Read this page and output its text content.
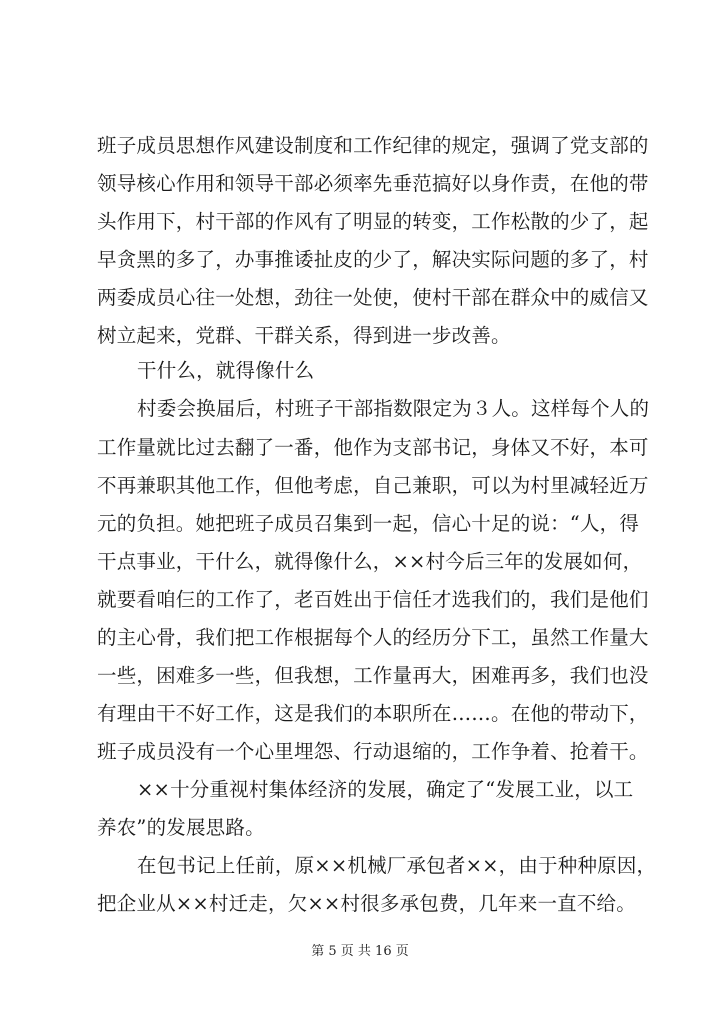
班子成员思想作风建设制度和工作纪律的规定，强调了党支部的
领导核心作用和领导干部必须率先垂范搞好以身作责，在他的带
头作用下，村干部的作风有了明显的转变，工作松散的少了，起
早贪黑的多了，办事推诿扯皮的少了，解决实际问题的多了，村
两委成员心往一处想，劲往一处使，使村干部在群众中的威信又
树立起来，党群、干群关系，得到进一步改善。
干什么，就得像什么
村委会换届后，村班子干部指数限定为３人。这样每个人的
工作量就比过去翻了一番，他作为支部书记，身体又不好，本可
不再兼职其他工作，但他考虑，自己兼职，可以为村里减轻近万
元的负担。她把班子成员召集到一起，信心十足的说：“人，得
干点事业，干什么，就得像什么，××村今后三年的发展如何，
就要看咱仨的工作了，老百姓出于信任才选我们的，我们是他们
的主心骨，我们把工作根据每个人的经历分下工，虽然工作量大
一些，困难多一些，但我想，工作量再大，困难再多，我们也没
有理由干不好工作，这是我们的本职所在……。在他的带动下，
班子成员没有一个心里埋怨、行动退缩的，工作争着、抢着干。
××十分重视村集体经济的发展，确定了“发展工业，以工
养农”的发展思路。
在包书记上任前，原××机械厂承包者××，由于种种原因，
把企业从××村迁走，欠××村很多承包费，几年来一直不给。
第 5 页 共 16 页
